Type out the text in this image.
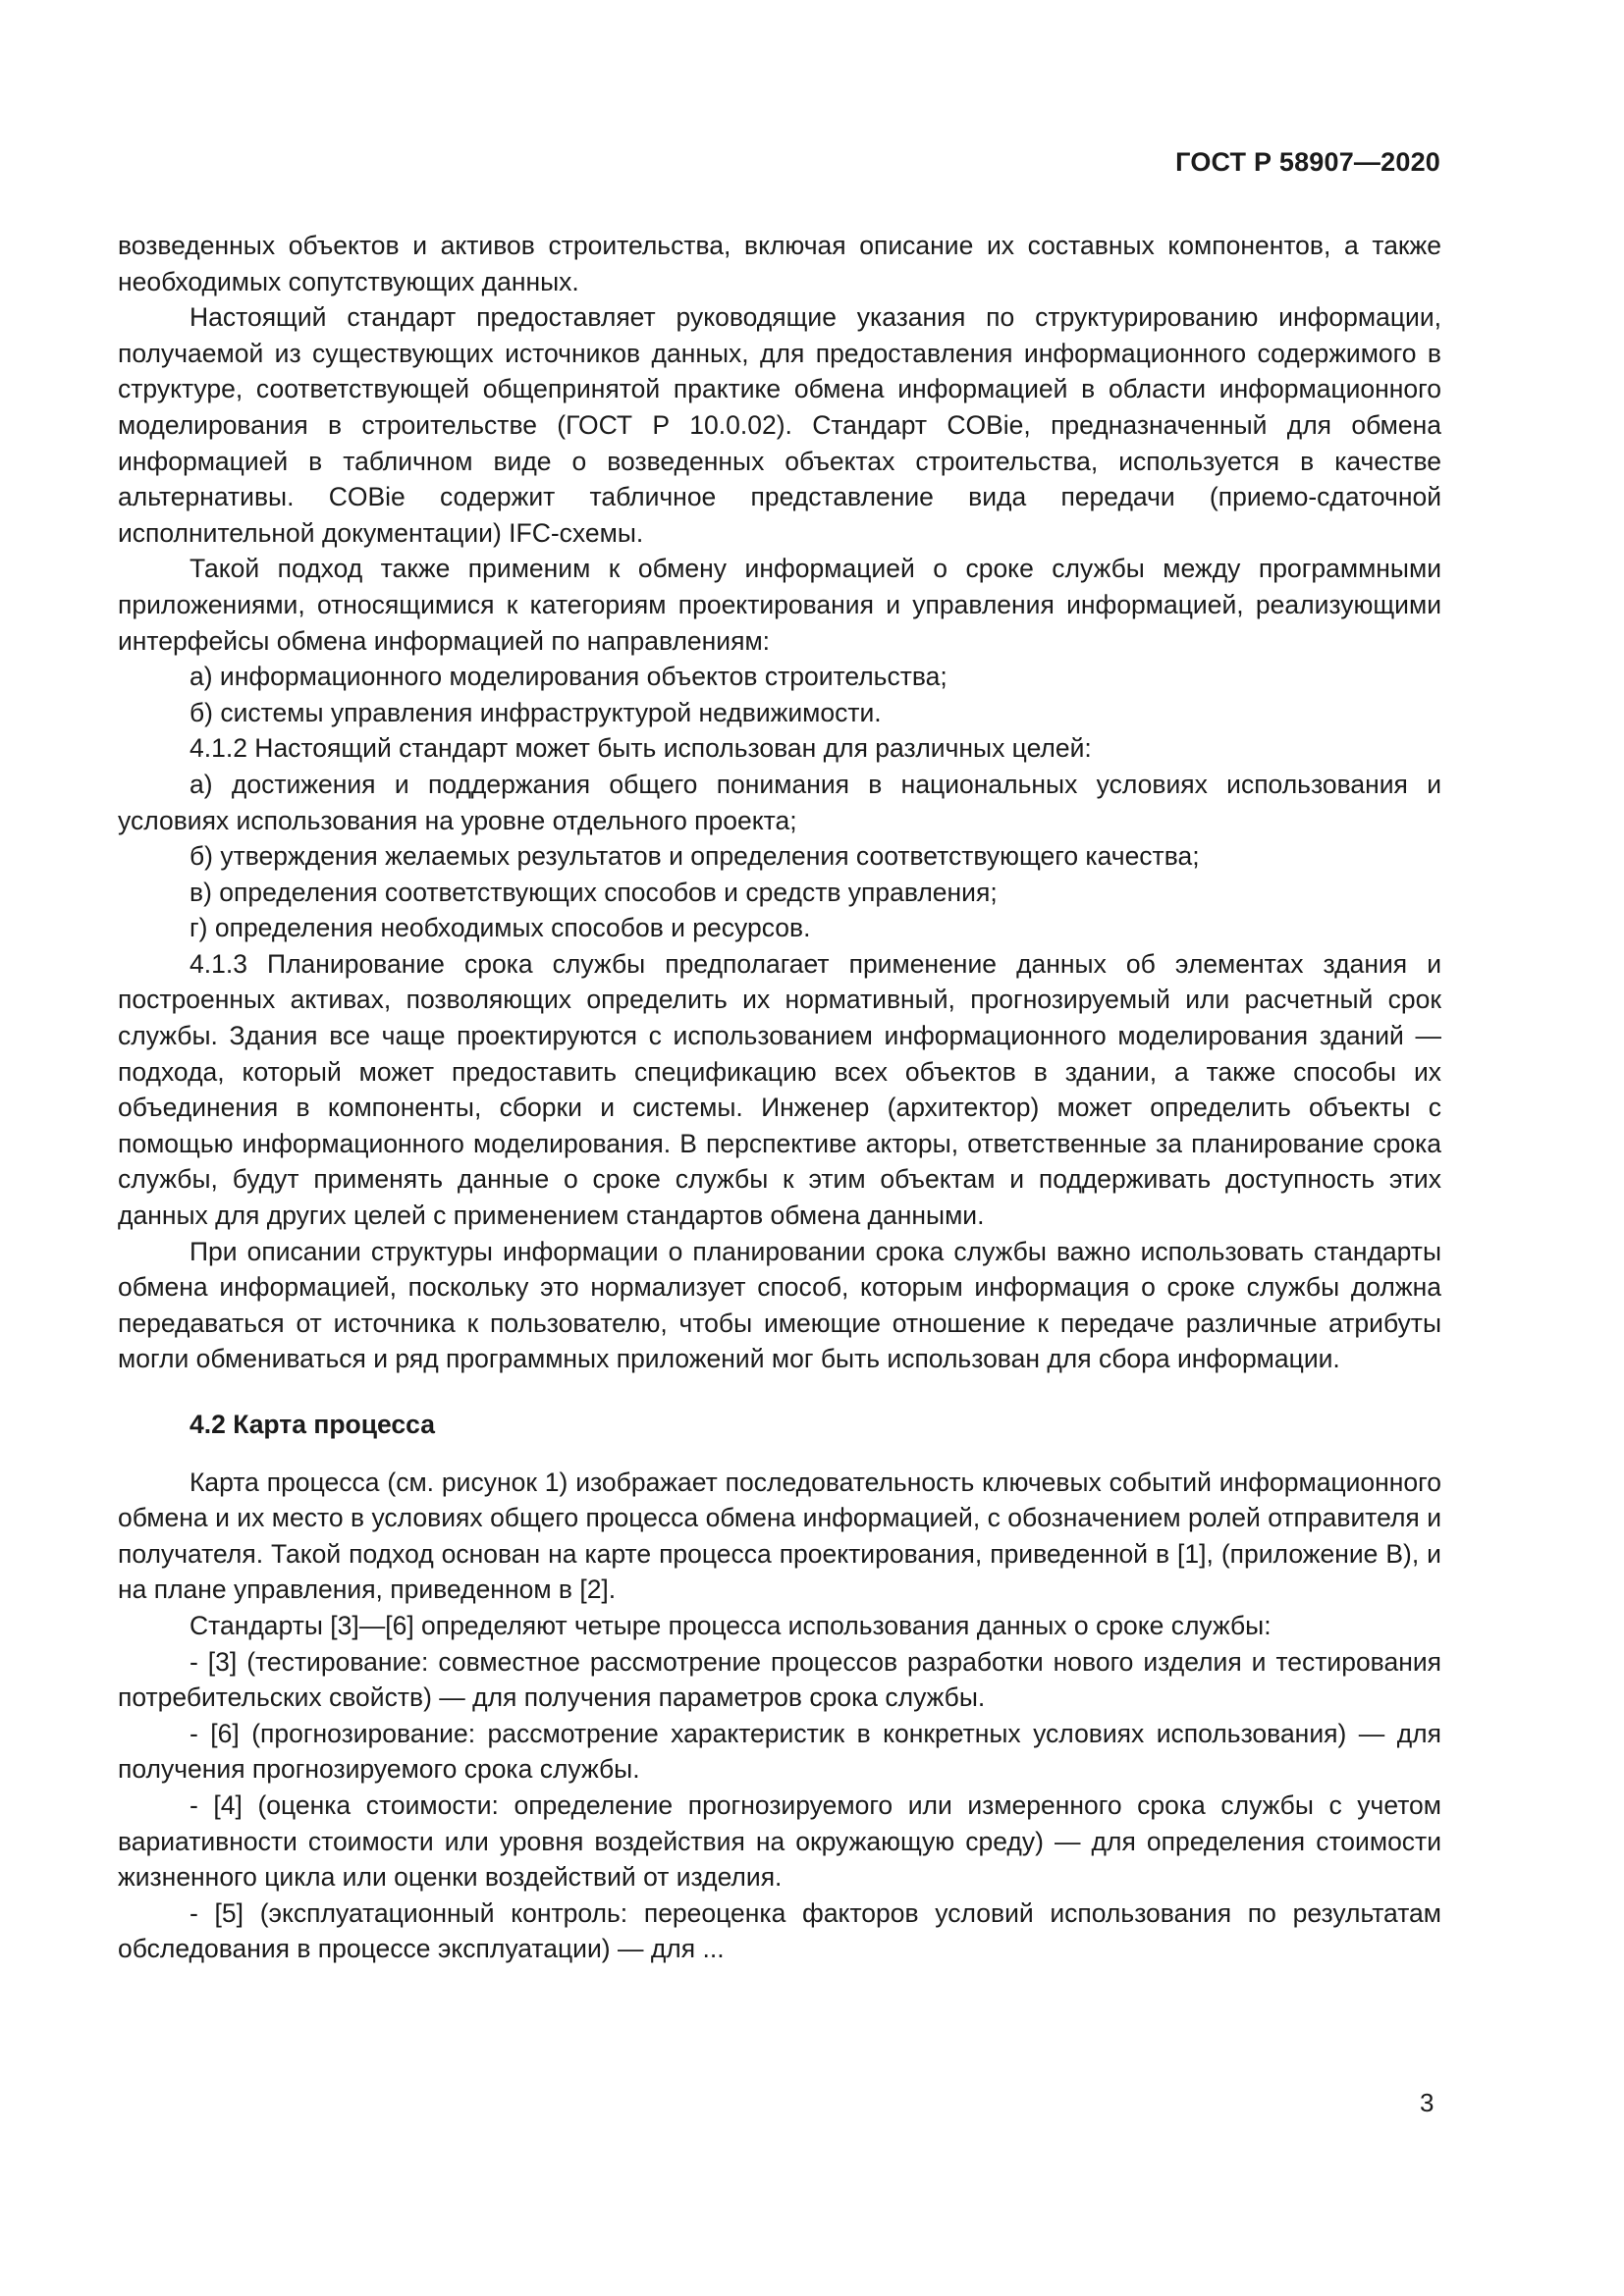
ГОСТ Р 58907—2020

возведенных объектов и активов строительства, включая описание их составных компонентов, а также необходимых сопутствующих данных.

Настоящий стандарт предоставляет руководящие указания по структурированию информации, получаемой из существующих источников данных, для предоставления информационного содержимого в структуре, соответствующей общепринятой практике обмена информацией в области информационного моделирования в строительстве (ГОСТ Р 10.0.02). Стандарт COBie, предназначенный для обмена информацией в табличном виде о возведенных объектах строительства, используется в качестве альтернативы. COBie содержит табличное представление вида передачи (приемо-сдаточной исполнительной документации) IFC-схемы.

Такой подход также применим к обмену информацией о сроке службы между программными приложениями, относящимися к категориям проектирования и управления информацией, реализующими интерфейсы обмена информацией по направлениям:

а) информационного моделирования объектов строительства;

б) системы управления инфраструктурой недвижимости.

4.1.2 Настоящий стандарт может быть использован для различных целей:

а) достижения и поддержания общего понимания в национальных условиях использования и условиях использования на уровне отдельного проекта;

б) утверждения желаемых результатов и определения соответствующего качества;

в) определения соответствующих способов и средств управления;

г) определения необходимых способов и ресурсов.

4.1.3 Планирование срока службы предполагает применение данных об элементах здания и построенных активах, позволяющих определить их нормативный, прогнозируемый или расчетный срок службы. Здания все чаще проектируются с использованием информационного моделирования зданий — подхода, который может предоставить спецификацию всех объектов в здании, а также способы их объединения в компоненты, сборки и системы. Инженер (архитектор) может определить объекты с помощью информационного моделирования. В перспективе акторы, ответственные за планирование срока службы, будут применять данные о сроке службы к этим объектам и поддерживать доступность этих данных для других целей с применением стандартов обмена данными.

При описании структуры информации о планировании срока службы важно использовать стандарты обмена информацией, поскольку это нормализует способ, которым информация о сроке службы должна передаваться от источника к пользователю, чтобы имеющие отношение к передаче различные атрибуты могли обмениваться и ряд программных приложений мог быть использован для сбора информации.

4.2 Карта процесса

Карта процесса (см. рисунок 1) изображает последовательность ключевых событий информационного обмена и их место в условиях общего процесса обмена информацией, с обозначением ролей отправителя и получателя. Такой подход основан на карте процесса проектирования, приведенной в [1], (приложение В), и на плане управления, приведенном в [2].

Стандарты [3]—[6] определяют четыре процесса использования данных о сроке службы:

- [3] (тестирование: совместное рассмотрение процессов разработки нового изделия и тестирования потребительских свойств) — для получения параметров срока службы.

- [6] (прогнозирование: рассмотрение характеристик в конкретных условиях использования) — для получения прогнозируемого срока службы.

- [4] (оценка стоимости: определение прогнозируемого или измеренного срока службы с учетом вариативности стоимости или уровня воздействия на окружающую среду) — для определения стоимости жизненного цикла или оценки воздействий от изделия.

- [5] (эксплуатационный контроль: переоценка факторов условий использования по результатам обследования в процессе эксплуатации) — для ...

3
